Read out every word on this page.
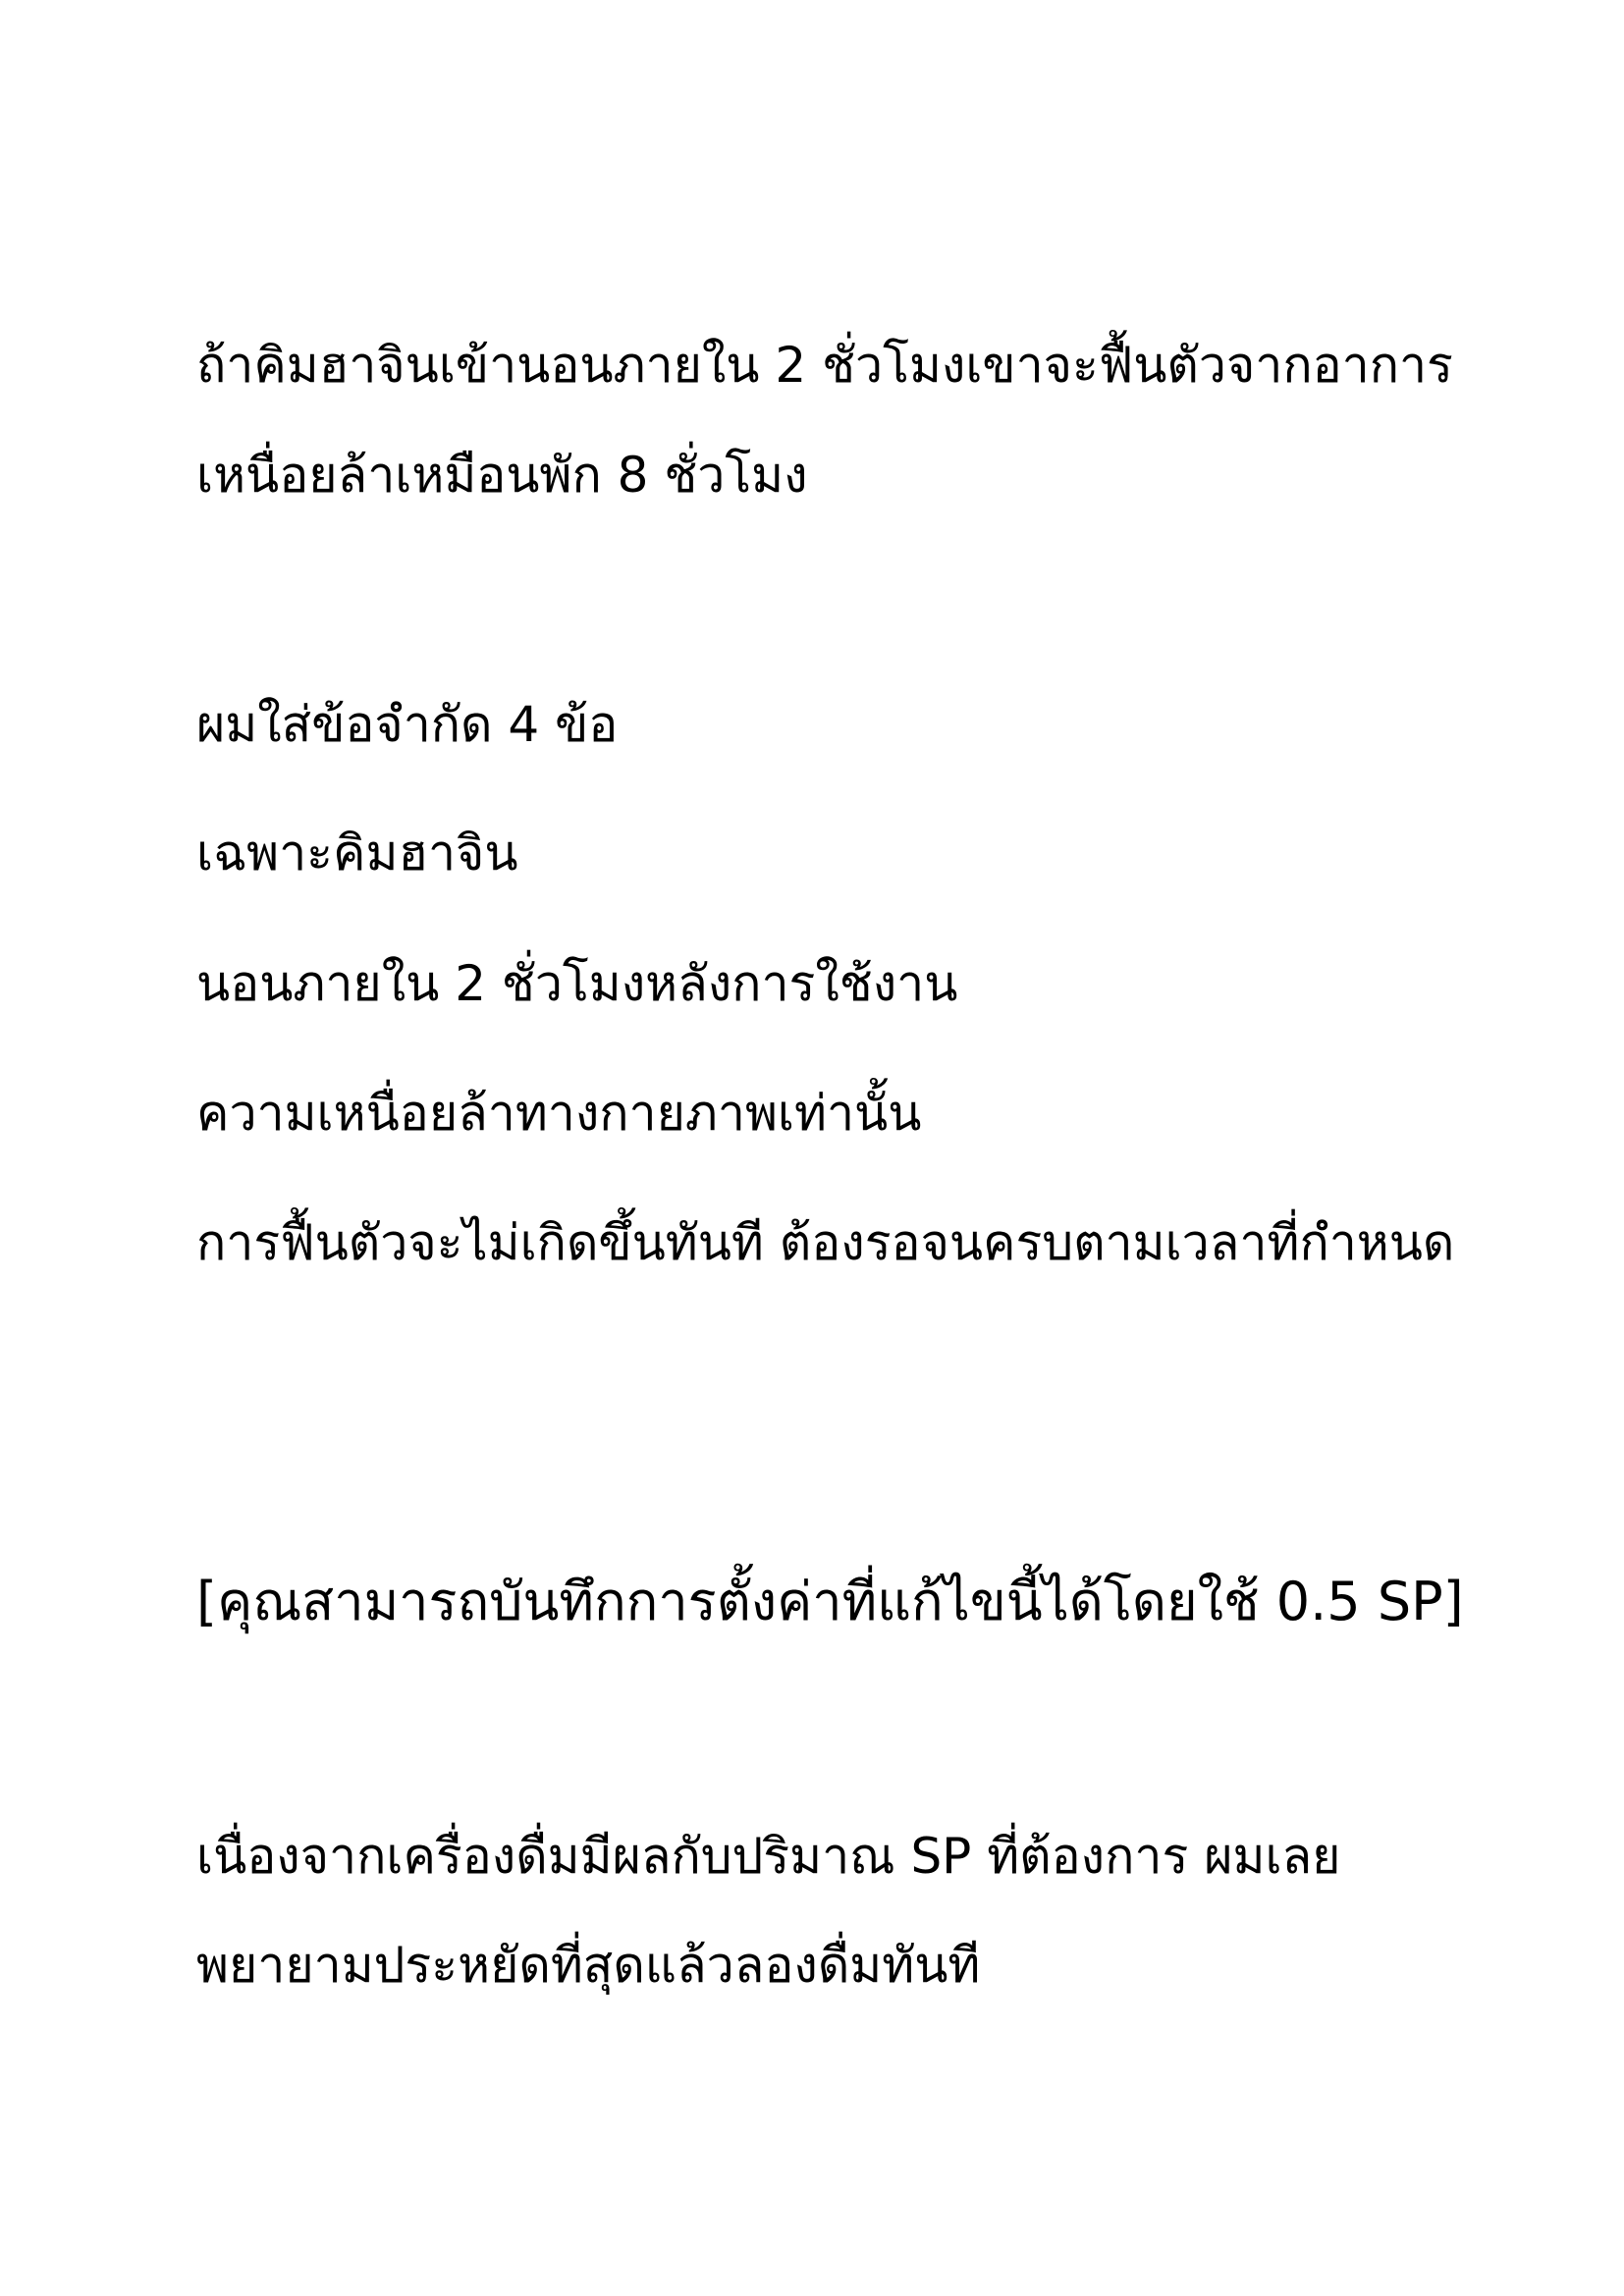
ถ้าคิมฮาจินเข้านอนภายใน 2 ชั่วโมงเขาจะฟื้นตัวจากอาการ
เหนื่อยล้าเหมือนพัก 8 ชั่วโมง
ผมใส่ข้อจำกัด 4 ข้อ
เฉพาะคิมฮาจิน
นอนภายใน 2 ชั่วโมงหลังการใช้งาน
ความเหนื่อยล้าทางกายภาพเท่านั้น
การฟื้นตัวจะไม่เกิดขึ้นทันที ต้องรอจนครบตามเวลาที่กำหนด
[คุณสามารถบันทึกการตั้งค่าที่แก้ไขนี้ได้โดยใช้ 0.5 SP]
เนื่องจากเครื่องดื่มมีผลกับปริมาณ SP ที่ต้องการ ผมเลย
พยายามประหยัดที่สุดแล้วลองดื่มทันที
